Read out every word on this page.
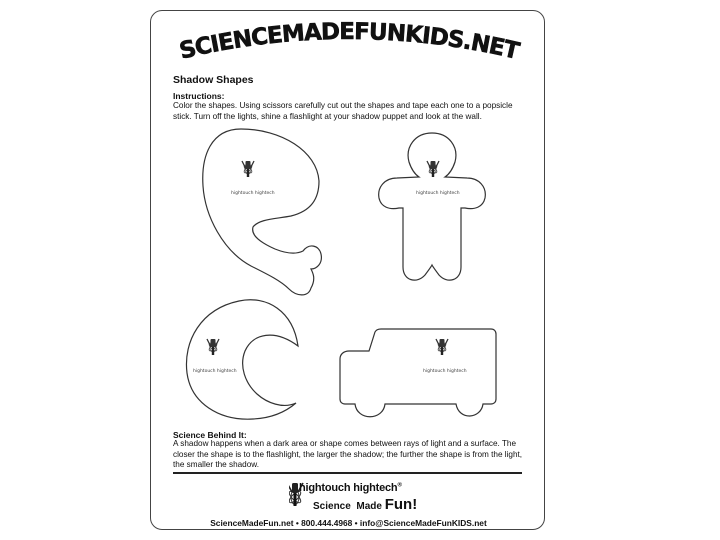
SCIENCEMADEFUNKIDS.NET
Shadow Shapes
Instructions:
Color the shapes. Using scissors carefully cut out the shapes and tape each one to a popsicle stick. Turn off the lights, shine a flashlight at your shadow puppet and look at the wall.
hightouch hightech	hightouch hightech
hightouch hightech	hightouch hightech
Science Behind It:
A shadow happens when a dark area or shape comes between rays of light and a surface. The closer the shape is to the flashlight, the larger the shadow; the further the shape is from the light, the smaller the shadow.
hightouch hightech®
Science Made Fun!
ScienceMadeFun.net • 800.444.4968 • info@ScienceMadeFunKIDS.net
